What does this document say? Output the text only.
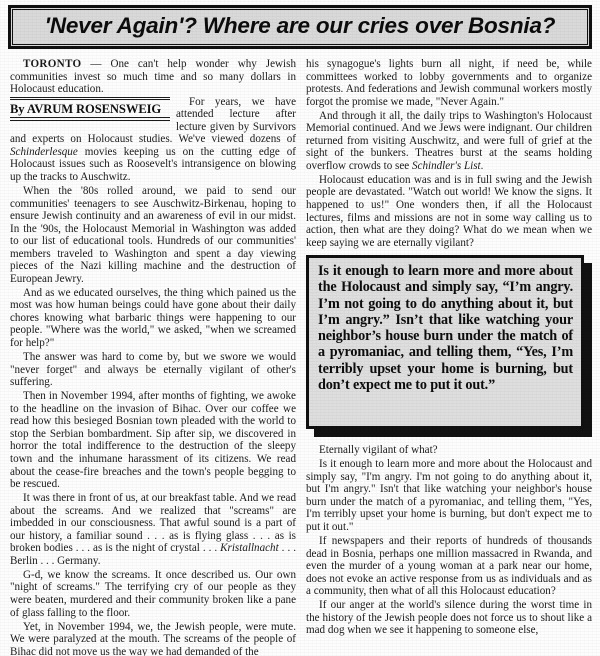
'Never Again'? Where are our cries over Bosnia?

TORONTO — One can't help wonder why Jewish communities invest so much time and so many dollars in Holocaust education.

By AVRUM ROSENSWEIG

For years, we have attended lecture after lecture given by Survivors and experts on Holocaust studies. We've viewed dozens of Schinderlesque movies keeping us on the cutting edge of Holocaust issues such as Roosevelt's intransigence on blowing up the tracks to Auschwitz.

When the '80s rolled around, we paid to send our communities' teenagers to see Auschwitz-Birkenau, hoping to ensure Jewish continuity and an awareness of evil in our midst. In the '90s, the Holocaust Memorial in Washington was added to our list of educational tools. Hundreds of our communities' members traveled to Washington and spent a day viewing pieces of the Nazi killing machine and the destruction of European Jewry.

And as we educated ourselves, the thing which pained us the most was how human beings could have gone about their daily chores knowing what barbaric things were happening to our people. "Where was the world," we asked, "when we screamed for help?"

The answer was hard to come by, but we swore we would "never forget" and always be eternally vigilant of other's suffering.

Then in November 1994, after months of fighting, we awoke to the headline on the invasion of Bihac. Over our coffee we read how this besieged Bosnian town pleaded with the world to stop the Serbian bombardment. Sip after sip, we discovered in horror the total indifference to the destruction of the sleepy town and the inhumane harassment of its citizens. We read about the cease-fire breaches and the town's people begging to be rescued.

It was there in front of us, at our breakfast table. And we read about the screams. And we realized that "screams" are imbedded in our consciousness. That awful sound is a part of our history, a familiar sound . . . as is flying glass . . . as is broken bodies . . . as is the night of crystal . . . Kristallnacht . . . Berlin . . . Germany.

G-d, we know the screams. It once described us. Our own "night of screams." The terrifying cry of our people as they were beaten, murdered and their community broken like a pane of glass falling to the floor.

Yet, in November 1994, we, the Jewish people, were mute. We were paralyzed at the mouth. The screams of the people of Bihac did not move us the way we had demanded of the

his synagogue's lights burn all night, if need be, while committees worked to lobby governments and to organize protests. And federations and Jewish communal workers mostly forgot the promise we made, "Never Again."

And through it all, the daily trips to Washington's Holocaust Memorial continued. And we Jews were indignant. Our children returned from visiting Auschwitz, and were full of grief at the sight of the bunkers. Theatres burst at the seams holding overflow crowds to see Schindler's List.

Holocaust education was and is in full swing and the Jewish people are devastated. "Watch out world! We know the signs. It happened to us!" One wonders then, if all the Holocaust lectures, films and missions are not in some way calling us to action, then what are they doing? What do we mean when we keep saying we are eternally vigilant?

Is it enough to learn more and more about the Holocaust and simply say, “I’m angry. I’m not going to do anything about it, but I’m angry.” Isn’t that like watching your neighbor’s house burn under the match of a pyromaniac, and telling them, “Yes, I’m terribly upset your home is burning, but don’t expect me to put it out.”

Eternally vigilant of what?

Is it enough to learn more and more about the Holocaust and simply say, "I'm angry. I'm not going to do anything about it, but I'm angry." Isn't that like watching your neighbor's house burn under the match of a pyromaniac, and telling them, "Yes, I'm terribly upset your home is burning, but don't expect me to put it out."

If newspapers and their reports of hundreds of thousands dead in Bosnia, perhaps one million massacred in Rwanda, and even the murder of a young woman at a park near our home, does not evoke an active response from us as individuals and as a community, then what of all this Holocaust education?

If our anger at the world's silence during the worst time in the history of the Jewish people does not force us to shout like a mad dog when we see it happening to someone else,
